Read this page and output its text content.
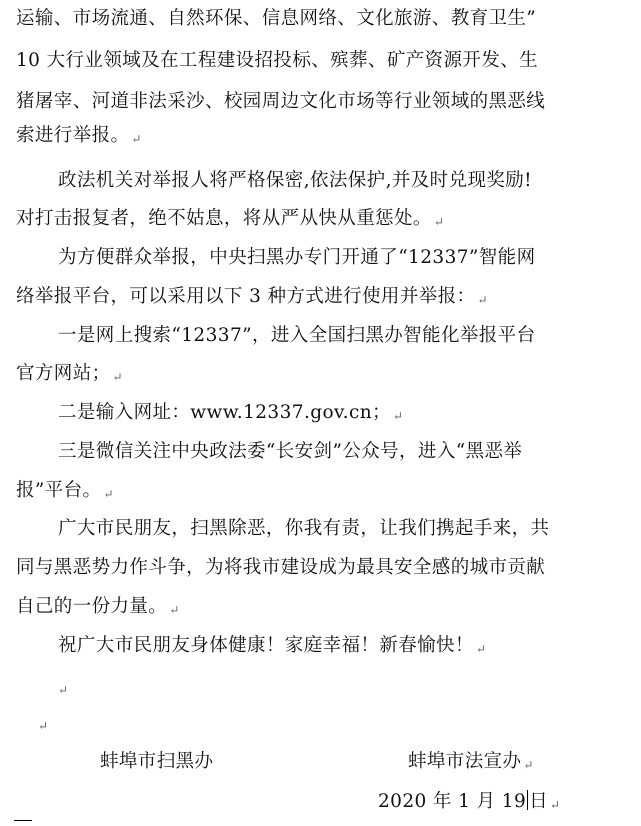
运输、市场流通、自然环保、信息网络、文化旅游、教育卫生”
10 大行业领域及在工程建设招投标、殡葬、矿产资源开发、生
猪屠宰、河道非法采沙、校园周边文化市场等行业领域的黑恶线
索进行举报。 ↵
政法机关对举报人将严格保密,依法保护,并及时兑现奖励!
对打击报复者，绝不姑息，将从严从快从重惩处。 ↵
为方便群众举报，中央扫黑办专门开通了“12337”智能网
络举报平台，可以采用以下 3 种方式进行使用并举报： ↵
一是网上搜索“12337”，进入全国扫黑办智能化举报平台
官方网站； ↵
二是输入网址：www.12337.gov.cn； ↵
三是微信关注中央政法委“长安剑”公众号，进入“黑恶举
报”平台。 ↵
广大市民朋友，扫黑除恶，你我有责，让我们携起手来，共
同与黑恶势力作斗争，为将我市建设成为最具安全感的城市贡献
自己的一份力量。 ↵
祝广大市民朋友身体健康！家庭幸福！新春愉快！ ↵
↵
↵
蚌埠市扫黑办	蚌埠市法宣办 ↵
2020 年 1 月 19 日 ↵
